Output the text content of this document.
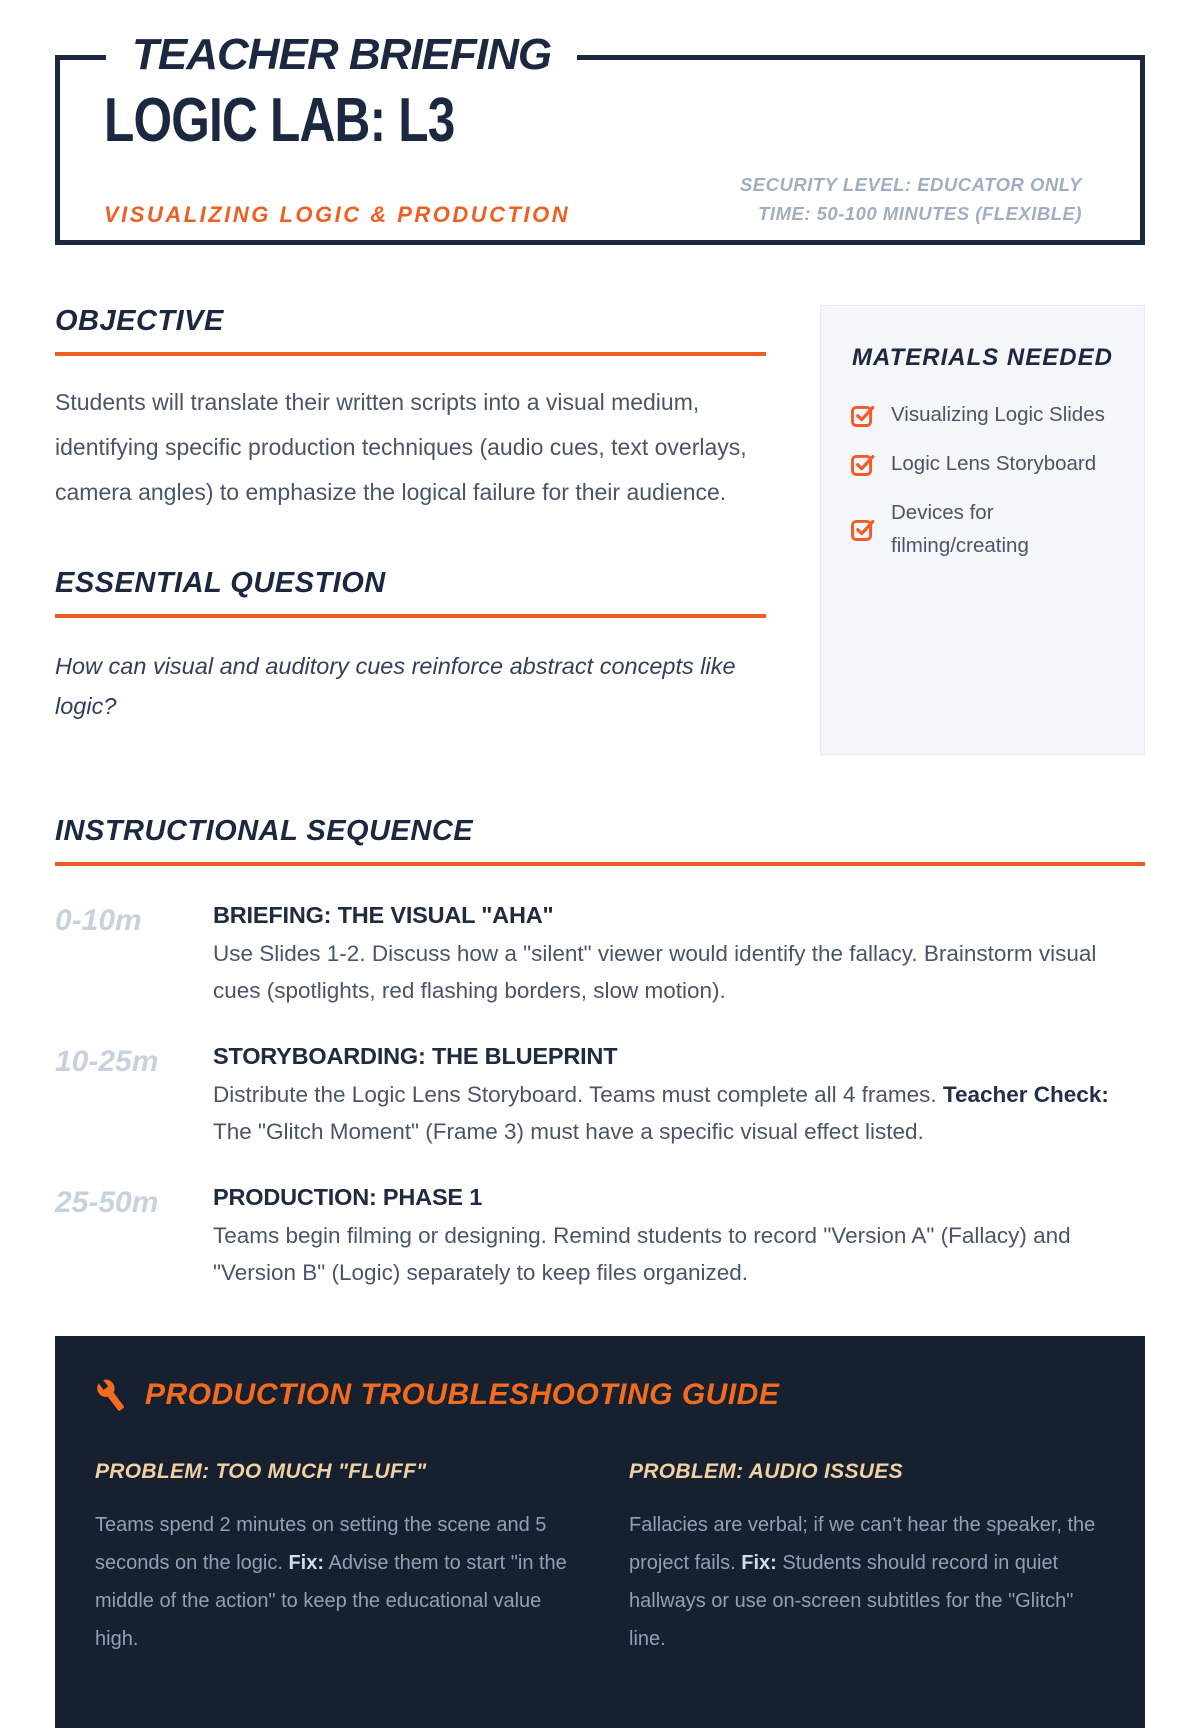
TEACHER BRIEFING
LOGIC LAB: L3
VISUALIZING LOGIC & PRODUCTION
SECURITY LEVEL: EDUCATOR ONLY
TIME: 50-100 MINUTES (FLEXIBLE)
OBJECTIVE

Students will translate their written scripts into a visual medium, identifying specific production techniques (audio cues, text overlays, camera angles) to emphasize the logical failure for their audience.

ESSENTIAL QUESTION

How can visual and auditory cues reinforce abstract concepts like logic?

MATERIALS NEEDED
Visualizing Logic Slides
Logic Lens Storyboard
Devices for filming/creating
INSTRUCTIONAL SEQUENCE
0-10m	BRIEFING: THE VISUAL "AHA"

Use Slides 1-2. Discuss how a "silent" viewer would identify the fallacy. Brainstorm visual cues (spotlights, red flashing borders, slow motion).

10-25m	STORYBOARDING: THE BLUEPRINT

Distribute the Logic Lens Storyboard. Teams must complete all 4 frames. Teacher Check: The "Glitch Moment" (Frame 3) must have a specific visual effect listed.

25-50m	PRODUCTION: PHASE 1

Teams begin filming or designing. Remind students to record "Version A" (Fallacy) and "Version B" (Logic) separately to keep files organized.

PRODUCTION TROUBLESHOOTING GUIDE
PROBLEM: TOO MUCH "FLUFF"

Teams spend 2 minutes on setting the scene and 5 seconds on the logic. Fix: Advise them to start "in the middle of the action" to keep the educational value high.

PROBLEM: AUDIO ISSUES

Fallacies are verbal; if we can't hear the speaker, the project fails. Fix: Students should record in quiet hallways or use on-screen subtitles for the "Glitch" line.
